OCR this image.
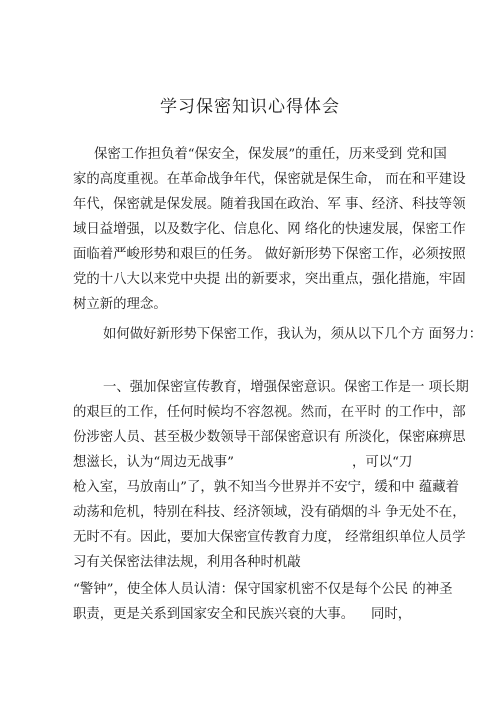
学习保密知识心得体会
保密工作担负着“保安全，保发展”的重任，历来受到 党和国
家的高度重视。在革命战争年代，保密就是保生命， 而在和平建设
年代，保密就是保发展。随着我国在政治、军 事、经济、科技等领
域日益增强，以及数字化、信息化、网 络化的快速发展，保密工作
面临着严峻形势和艰巨的任务。 做好新形势下保密工作，必须按照
党的十八大以来党中央提 出的新要求，突出重点，强化措施，牢固
树立新的理念。
如何做好新形势下保密工作，我认为，须从以下几个方 面努力：
一、强加保密宣传教育，增强保密意识。保密工作是一 项长期
的艰巨的工作，任何时候均不容忽视。然而，在平时 的工作中，部
份涉密人员、甚至极少数领导干部保密意识有 所淡化，保密麻痹思
想滋长，认为“周边无战事”	，可以“刀
枪入室，马放南山”了，孰不知当今世界并不安宁，缓和中 蕴藏着
动荡和危机，特别在科技、经济领域，没有硝烟的斗 争无处不在，
无时不有。因此，要加大保密宣传教育力度， 经常组织单位人员学
习有关保密法律法规，利用各种时机敲
“警钟”，使全体人员认清：保守国家机密不仅是每个公民 的神圣
职责，更是关系到国家安全和民族兴衰的大事。 同时，
